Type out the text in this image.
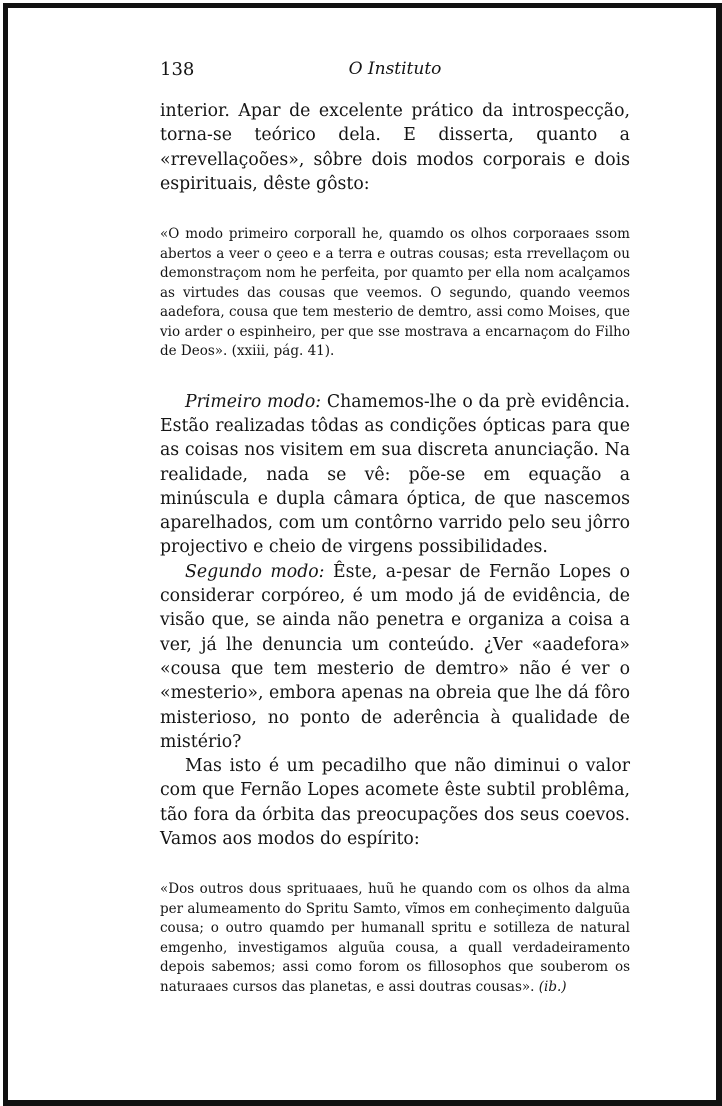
138	O Instituto

interior. Apar de excelente prático da introspecção, torna-se teórico dela. E disserta, quanto a «rrevellaçoões», sôbre dois modos corporais e dois espirituais, dêste gôsto:

«O modo primeiro corporall he, quamdo os olhos corporaaes ssom abertos a veer o çeeo e a terra e outras cousas; esta rrevellaçom ou demonstraçom nom he perfeita, por quamto per ella nom acalçamos as virtudes das cousas que veemos. O segundo, quando veemos aadefora, cousa que tem mesterio de demtro, assi como Moises, que vio arder o espinheiro, per que sse mostrava a encarnaçom do Filho de Deos». (xxiii, pág. 41).

Primeiro modo: Chamemos-lhe o da prè evidência. Estão realizadas tôdas as condições ópticas para que as coisas nos visitem em sua discreta anunciação. Na realidade, nada se vê: põe-se em equação a minúscula e dupla câmara óptica, de que nascemos aparelhados, com um contôrno varrido pelo seu jôrro projectivo e cheio de virgens possibilidades.

Segundo modo: Êste, a-pesar de Fernão Lopes o considerar corpóreo, é um modo já de evidência, de visão que, se ainda não penetra e organiza a coisa a ver, já lhe denuncia um conteúdo. ¿Ver «aadefora» «cousa que tem mesterio de demtro» não é ver o «mesterio», embora apenas na obreia que lhe dá fôro misterioso, no ponto de aderência à qualidade de mistério?

Mas isto é um pecadilho que não diminui o valor com que Fernão Lopes acomete êste subtil problêma, tão fora da órbita das preocupações dos seus coevos. Vamos aos modos do espírito:

«Dos outros dous sprituaaes, huũ he quando com os olhos da alma per alumeamento do Spritu Samto, vĩmos em conheçimento dalguũa cousa; o outro quamdo per humanall spritu e sotilleza de natural emgenho, investigamos alguũa cousa, a quall verdadeiramento depois sabemos; assi como forom os fillosophos que souberom os naturaaes cursos das planetas, e assi doutras cousas». (ib.)
